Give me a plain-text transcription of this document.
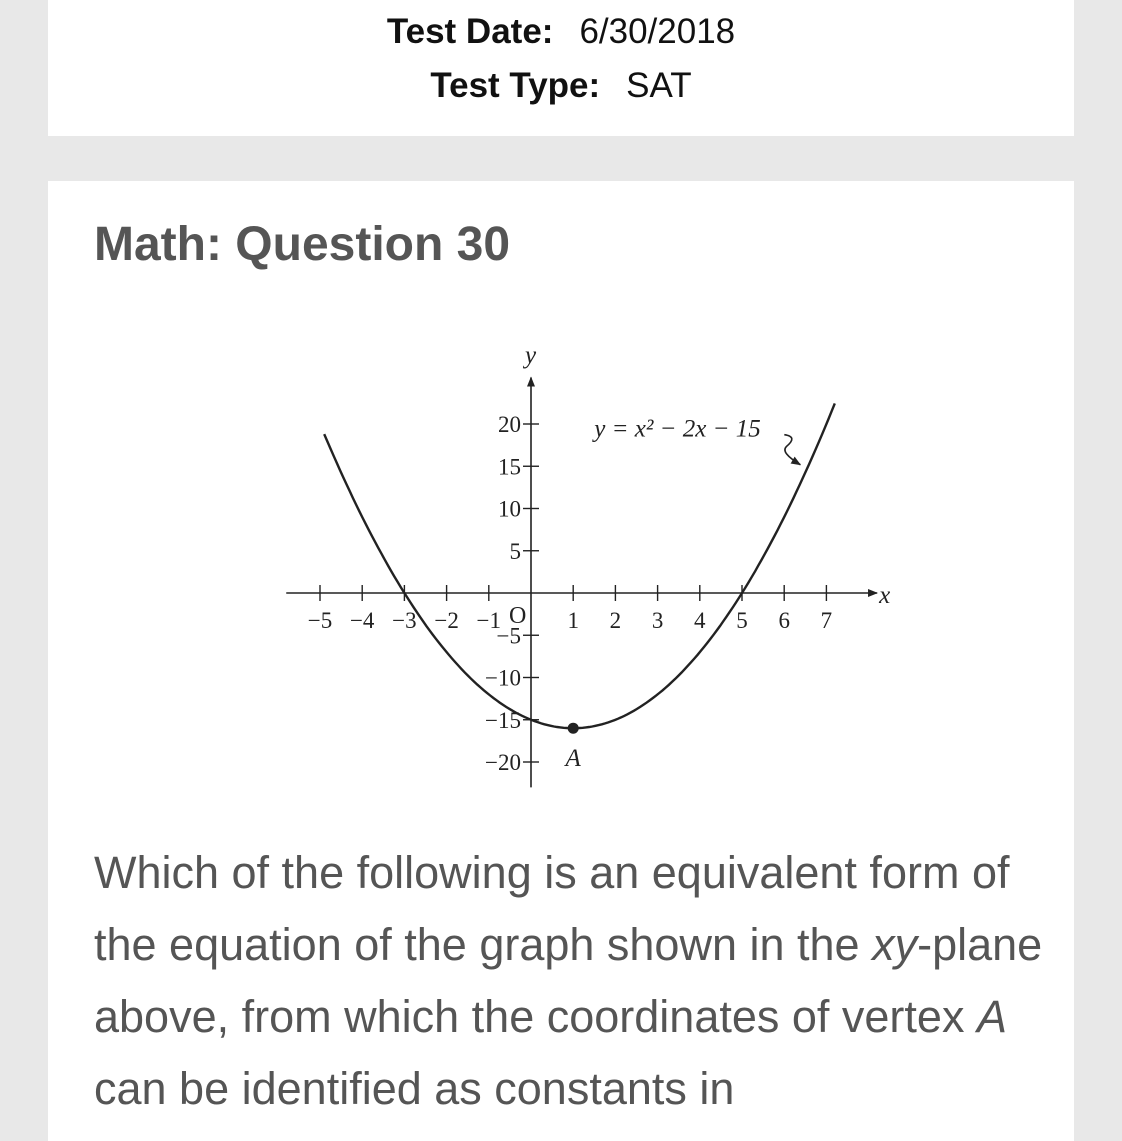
Test Date: 6/30/2018
Test Type: SAT
Math: Question 30
−5 −4 −3 −2 −1	1 2 3 4 5 6 7
20
15
10
5
−5
−10
−15
−20
O
x
y
A
y = x² − 2x − 15

Which of the following is an equivalent form of the equation of the graph shown in the xy-plane above, from which the coordinates of vertex A can be identified as constants in
